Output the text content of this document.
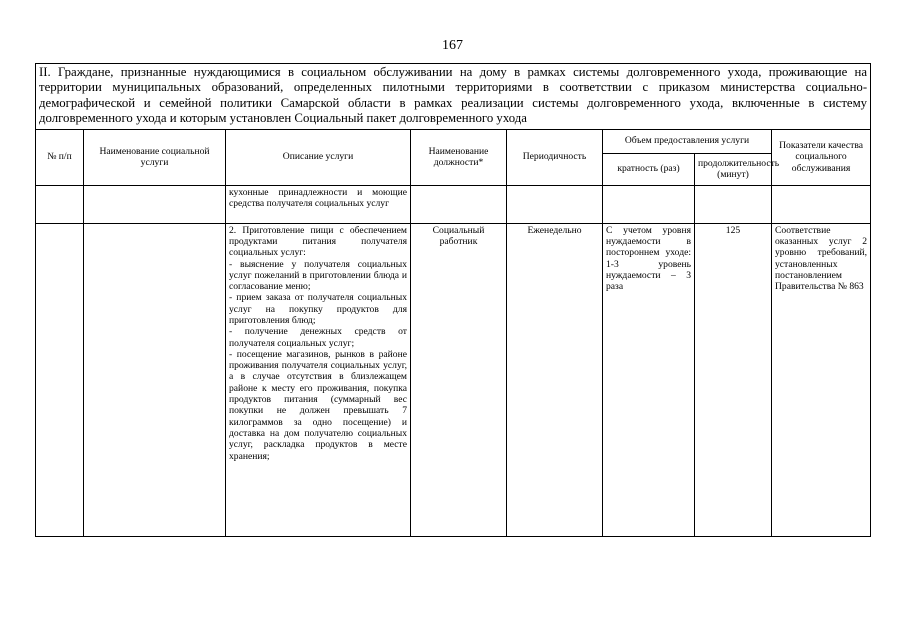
167
II. Граждане, признанные нуждающимися в социальном обслуживании на дому в рамках системы долговременного ухода, проживающие на территории муниципальных образований, определенных пилотными территориями в соответствии с приказом министерства социально-демографической и семейной политики Самарской области в рамках реализации системы долговременного ухода, включенные в систему долговременного ухода и которым установлен Социальный пакет долговременного ухода							
№ п/п	Наименование социальной услуги	Описание услуги	Наименование должности*	Периодичность	Объем предоставления услуги		Показатели качества социального обслуживания
					кратность (раз)	продолжительность (минут)	

		кухонные принадлежности и моющие средства получателя социальных услуг					

		2. Приготовление пищи с обеспечением продуктами питания получателя социальных услуг:
- выяснение у получателя социальных услуг пожеланий в приготовлении блюда и согласование меню;
- прием заказа от получателя социальных услуг на покупку продуктов для приготовления блюд;
- получение денежных средств от получателя социальных услуг;
- посещение магазинов, рынков в районе проживания получателя социальных услуг, а в случае отсутствия в близлежащем районе к месту его проживания, покупка продуктов питания (суммарный вес покупки не должен превышать 7 килограммов за одно посещение) и доставка на дом получателю социальных услуг, раскладка продуктов в месте хранения;	Социальный работник	Еженедельно	С учетом уровня нуждаемости в постороннем уходе: 1-3 уровень нуждаемости – 3 раза	125	Соответствие оказанных услуг 2 уровню требований, установленных постановлением Правительства № 863
